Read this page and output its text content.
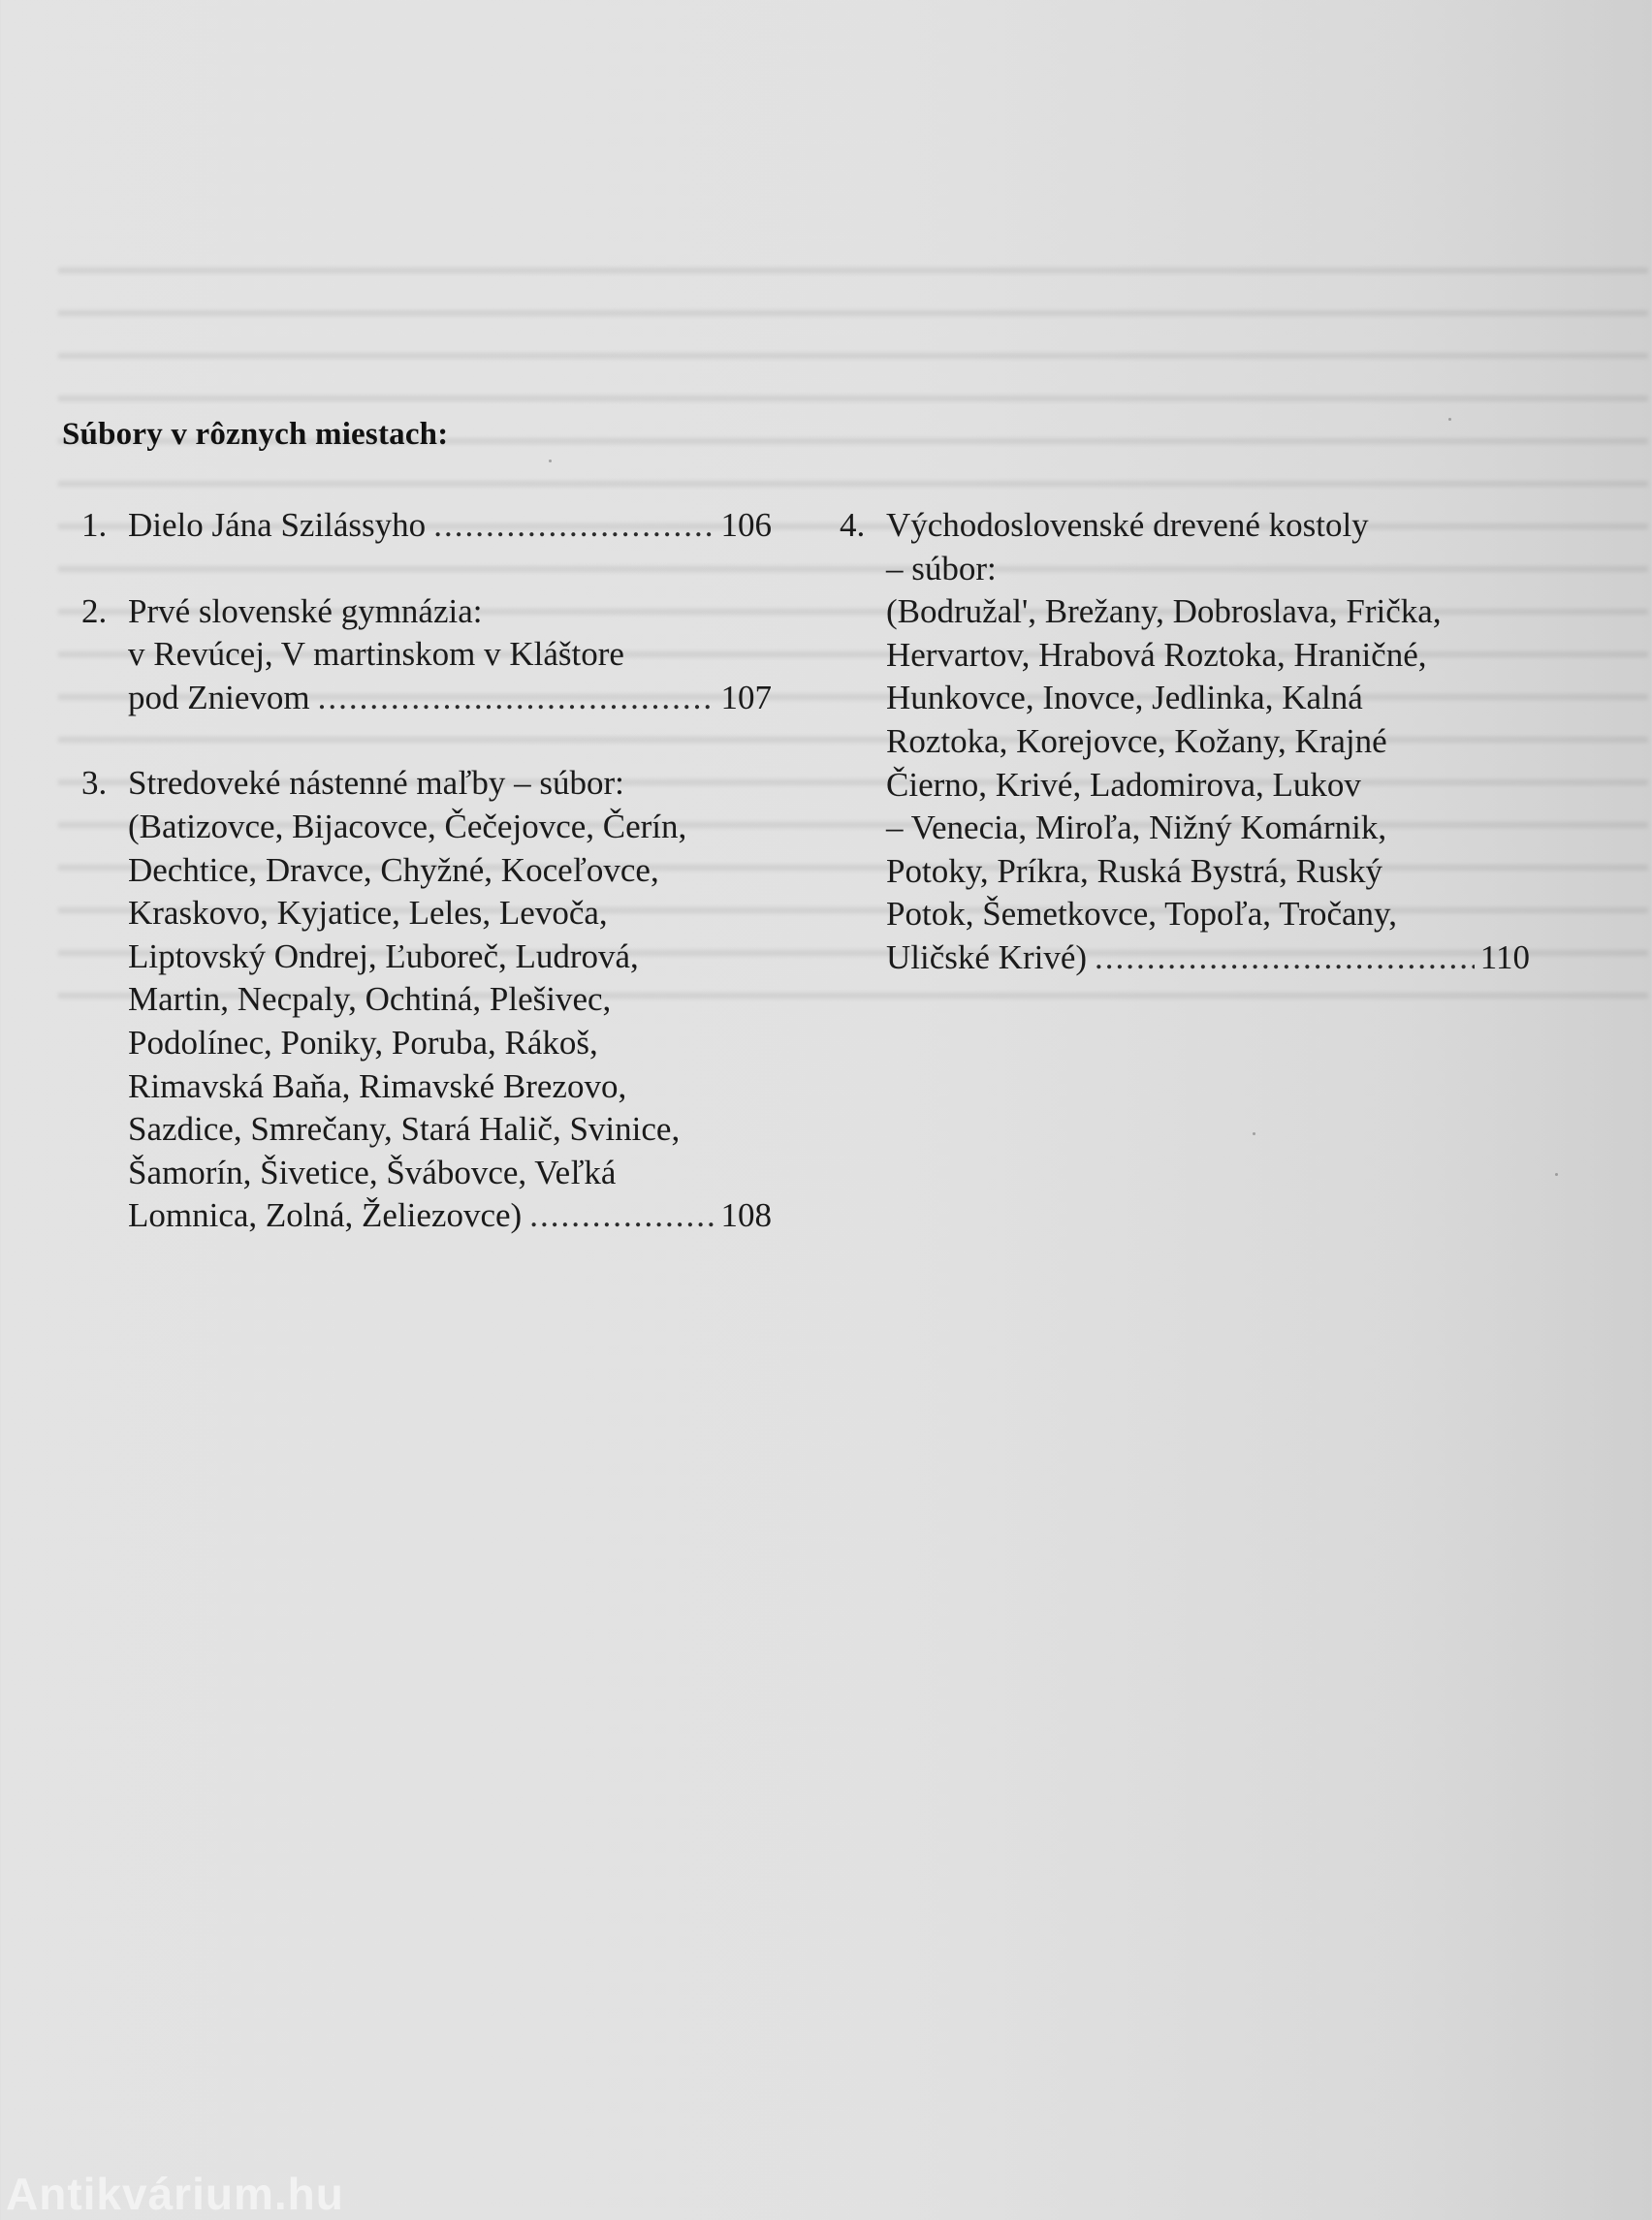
Súbory v rôznych miestach:
1. Dielo Jána Szilássyho .....	106
2. Prvé slovenské gymnázia:
v Revúcej, V martinskom v Kláštore
pod Znievom .....	107
3. Stredoveké nástenné maľby – súbor:
(Batizovce, Bijacovce, Čečejovce, Čerín,
Dechtice, Dravce, Chyžné, Koceľovce,
Kraskovo, Kyjatice, Leles, Levoča,
Liptovský Ondrej, Ľuboreč, Ludrová,
Martin, Necpaly, Ochtiná, Plešivec,
Podolínec, Poniky, Poruba, Rákoš,
Rimavská Baňa, Rimavské Brezovo,
Sazdice, Smrečany, Stará Halič, Svinice,
Šamorín, Šivetice, Švábovce, Veľká
Lomnica, Zolná, Želiezovce) .....	108
4. Východoslovenské drevené kostoly
– súbor:
(Bodružal', Brežany, Dobroslava, Frička,
Hervartov, Hrabová Roztoka, Hraničné,
Hunkovce, Inovce, Jedlinka, Kalná
Roztoka, Korejovce, Kožany, Krajné
Čierno, Krivé, Ladomirova, Lukov
– Venecia, Miroľa, Nižný Komárnik,
Potoky, Príkra, Ruská Bystrá, Ruský
Potok, Šemetkovce, Topoľa, Tročany,
Uličské Krivé) .....	110
Antikvárium.hu
